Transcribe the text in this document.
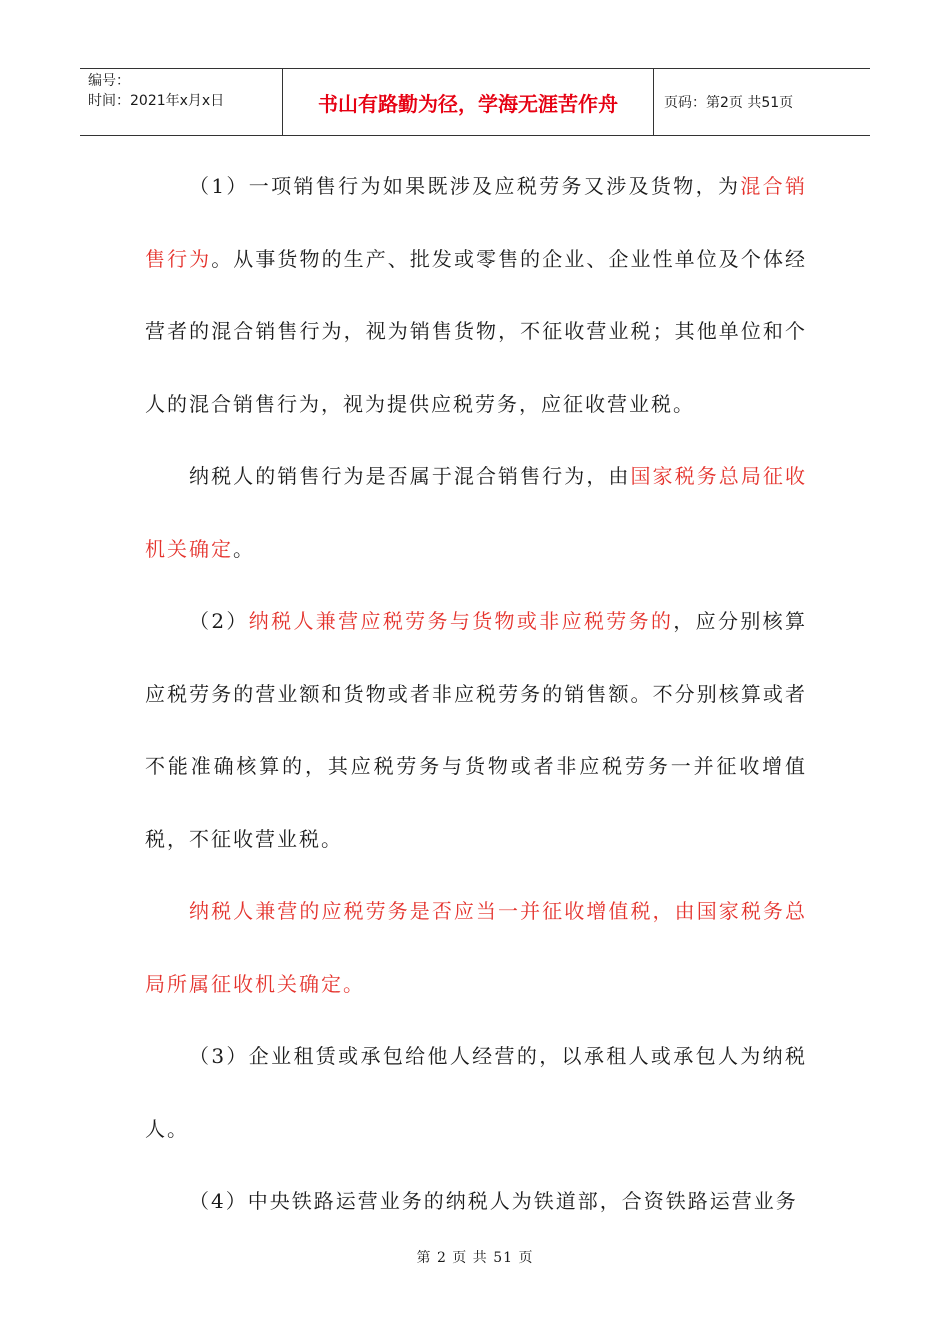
编号：
时间：2021年x月x日	书山有路勤为径，学海无涯苦作舟	页码：第2页 共51页

（1）一项销售行为如果既涉及应税劳务又涉及货物，为混合销售行为。从事货物的生产、批发或零售的企业、企业性单位及个体经营者的混合销售行为，视为销售货物，不征收营业税；其他单位和个人的混合销售行为，视为提供应税劳务，应征收营业税。

纳税人的销售行为是否属于混合销售行为，由国家税务总局征收机关确定。

（2）纳税人兼营应税劳务与货物或非应税劳务的，应分别核算应税劳务的营业额和货物或者非应税劳务的销售额。不分别核算或者不能准确核算的，其应税劳务与货物或者非应税劳务一并征收增值税，不征收营业税。

纳税人兼营的应税劳务是否应当一并征收增值税，由国家税务总局所属征收机关确定。

（3）企业租赁或承包给他人经营的，以承租人或承包人为纳税人。

（4）中央铁路运营业务的纳税人为铁道部，合资铁路运营业务

第 2 页 共 51 页
